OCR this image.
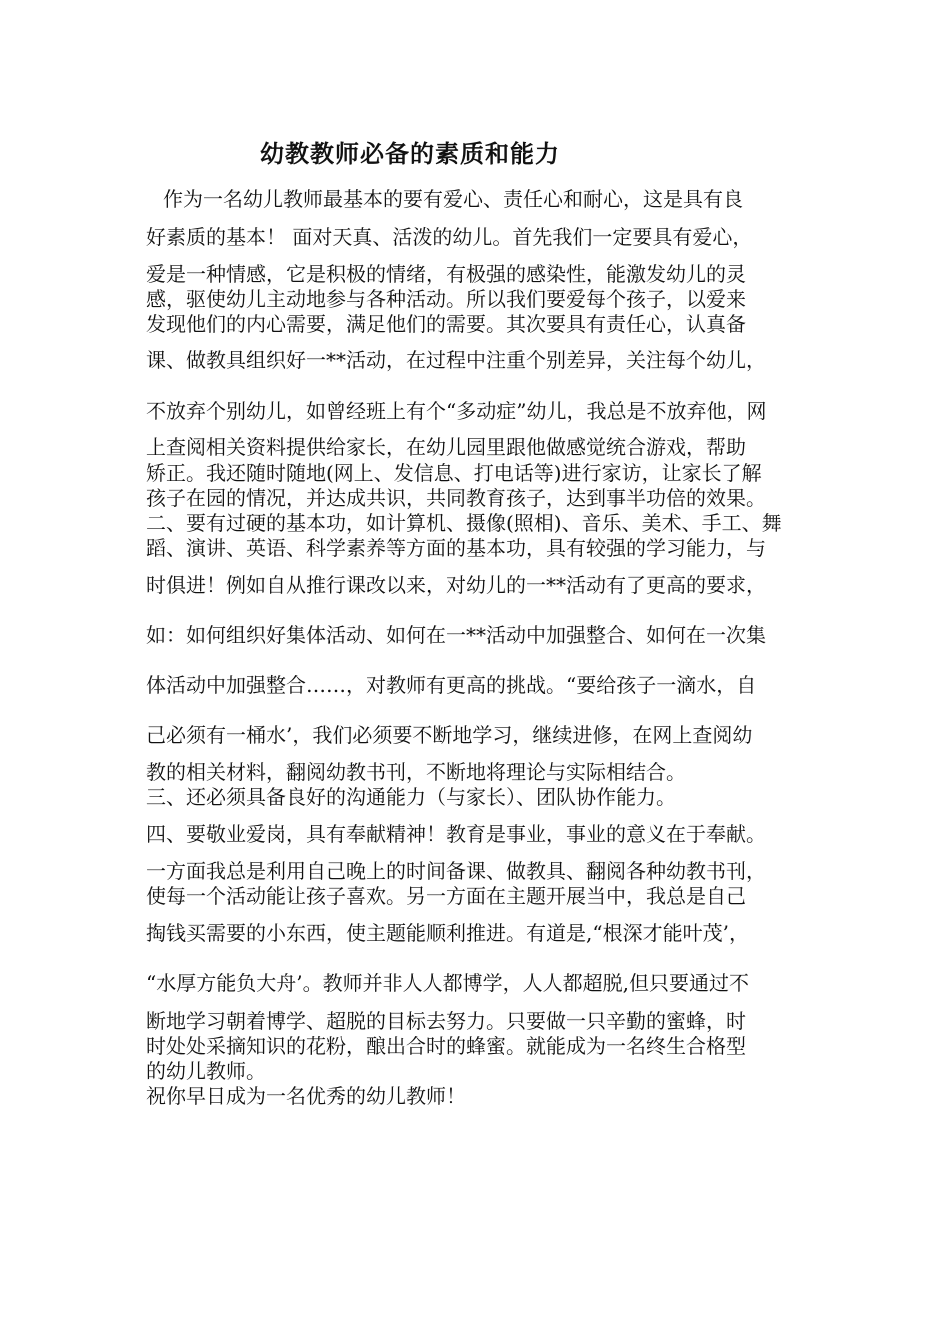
幼教教师必备的素质和能力
作为一名幼儿教师最基本的要有爱心、责任心和耐心，这是具有良
好素质的基本！ 面对天真、活泼的幼儿。首先我们一定要具有爱心，
爱是一种情感，它是积极的情绪，有极强的感染性，能激发幼儿的灵
感，驱使幼儿主动地参与各种活动。所以我们要爱每个孩子，以爱来
发现他们的内心需要，满足他们的需要。其次要具有责任心，认真备
课、做教具组织好一**活动，在过程中注重个别差异，关注每个幼儿，
不放弃个别幼儿，如曾经班上有个“多动症”幼儿，我总是不放弃他，网
上查阅相关资料提供给家长，在幼儿园里跟他做感觉统合游戏，帮助
矫正。我还随时随地(网上、发信息、打电话等)进行家访，让家长了解
孩子在园的情况，并达成共识，共同教育孩子，达到事半功倍的效果。
二、要有过硬的基本功，如计算机、摄像(照相)、音乐、美术、手工、舞
蹈、演讲、英语、科学素养等方面的基本功，具有较强的学习能力，与
时俱进！例如自从推行课改以来，对幼儿的一**活动有了更高的要求，
如：如何组织好集体活动、如何在一**活动中加强整合、如何在一次集
体活动中加强整合……，对教师有更高的挑战。“要给孩子一滴水，自
己必须有一桶水’，我们必须要不断地学习，继续进修，在网上查阅幼
教的相关材料，翻阅幼教书刊，不断地将理论与实际相结合。
三、还必须具备良好的沟通能力（与家长）、团队协作能力。
四、要敬业爱岗，具有奉献精神！教育是事业，事业的意义在于奉献。
一方面我总是利用自己晚上的时间备课、做教具、翻阅各种幼教书刊，
使每一个活动能让孩子喜欢。另一方面在主题开展当中，我总是自己
掏钱买需要的小东西，使主题能顺利推进。有道是,“根深才能叶茂’，
“水厚方能负大舟’。教师并非人人都博学，人人都超脱,但只要通过不
断地学习朝着博学、超脱的目标去努力。只要做一只辛勤的蜜蜂，时
时处处采摘知识的花粉，酿出合时的蜂蜜。就能成为一名终生合格型
的幼儿教师。
祝你早日成为一名优秀的幼儿教师！
